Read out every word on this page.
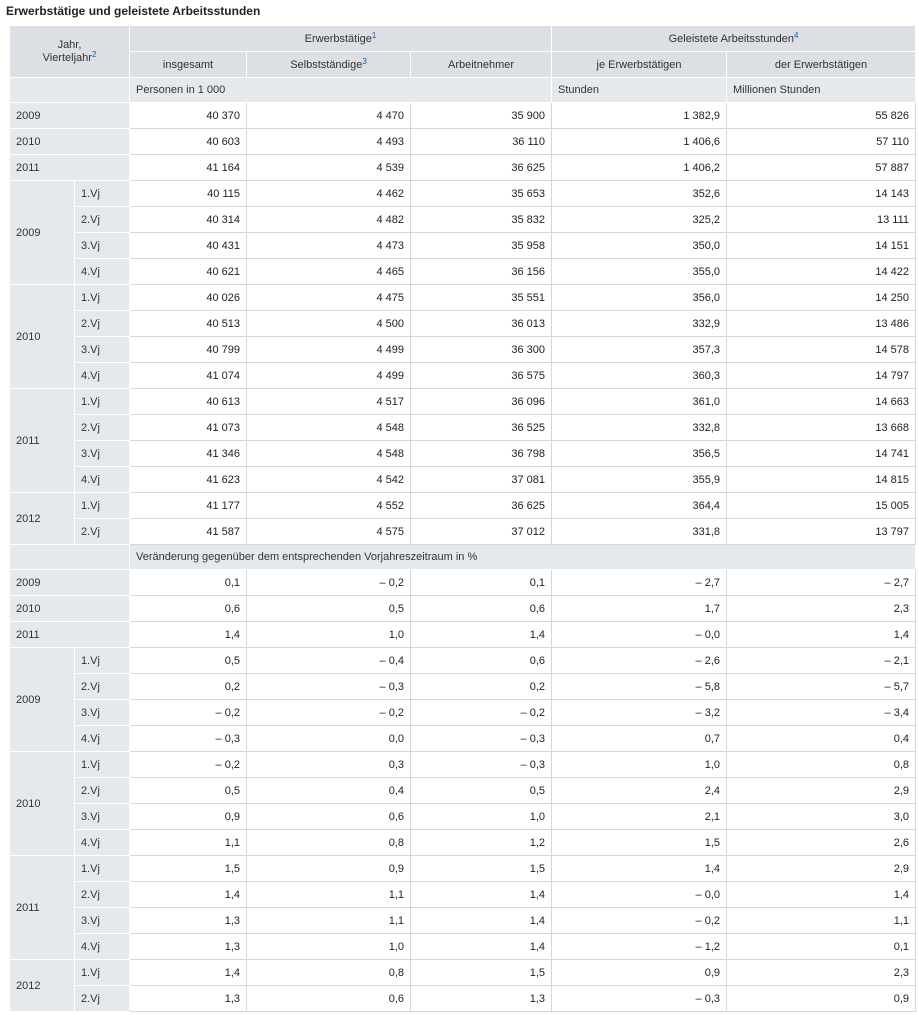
Erwerbstätige und geleistete Arbeitsstunden
Jahr,
Vierteljahr$^2$		Erwerbstätige$^1$			Geleistete Arbeitsstunden$^4$
		insgesamt	Selbstständige$^3$	Arbeitnehmer	je Erwerbstätigen	der Erwerbstätigen
		Personen in 1 000			Stunden	Millionen Stunden
2009		40 370	4 470	35 900	1 382,9	55 826
2010		40 603	4 493	36 110	1 406,6	57 110
2011		41 164	4 539	36 625	1 406,2	57 887
2009	1.Vj	40 115	4 462	35 653	352,6	14 143
	2.Vj	40 314	4 482	35 832	325,2	13 111
	3.Vj	40 431	4 473	35 958	350,0	14 151
	4.Vj	40 621	4 465	36 156	355,0	14 422
2010	1.Vj	40 026	4 475	35 551	356,0	14 250
	2.Vj	40 513	4 500	36 013	332,9	13 486
	3.Vj	40 799	4 499	36 300	357,3	14 578
	4.Vj	41 074	4 499	36 575	360,3	14 797
2011	1.Vj	40 613	4 517	36 096	361,0	14 663
	2.Vj	41 073	4 548	36 525	332,8	13 668
	3.Vj	41 346	4 548	36 798	356,5	14 741
	4.Vj	41 623	4 542	37 081	355,9	14 815
2012	1.Vj	41 177	4 552	36 625	364,4	15 005
	2.Vj	41 587	4 575	37 012	331,8	13 797
		Veränderung gegenüber dem entsprechenden Vorjahreszeitraum in %				
2009		0,1	– 0,2	0,1	– 2,7	– 2,7
2010		0,6	0,5	0,6	1,7	2,3
2011		1,4	1,0	1,4	– 0,0	1,4
2009	1.Vj	0,5	– 0,4	0,6	– 2,6	– 2,1
	2.Vj	0,2	– 0,3	0,2	– 5,8	– 5,7
	3.Vj	– 0,2	– 0,2	– 0,2	– 3,2	– 3,4
	4.Vj	– 0,3	0,0	– 0,3	0,7	0,4
2010	1.Vj	– 0,2	0,3	– 0,3	1,0	0,8
	2.Vj	0,5	0,4	0,5	2,4	2,9
	3.Vj	0,9	0,6	1,0	2,1	3,0
	4.Vj	1,1	0,8	1,2	1,5	2,6
2011	1.Vj	1,5	0,9	1,5	1,4	2,9
	2.Vj	1,4	1,1	1,4	– 0,0	1,4
	3.Vj	1,3	1,1	1,4	– 0,2	1,1
	4.Vj	1,3	1,0	1,4	– 1,2	0,1
2012	1.Vj	1,4	0,8	1,5	0,9	2,3
	2.Vj	1,3	0,6	1,3	– 0,3	0,9
